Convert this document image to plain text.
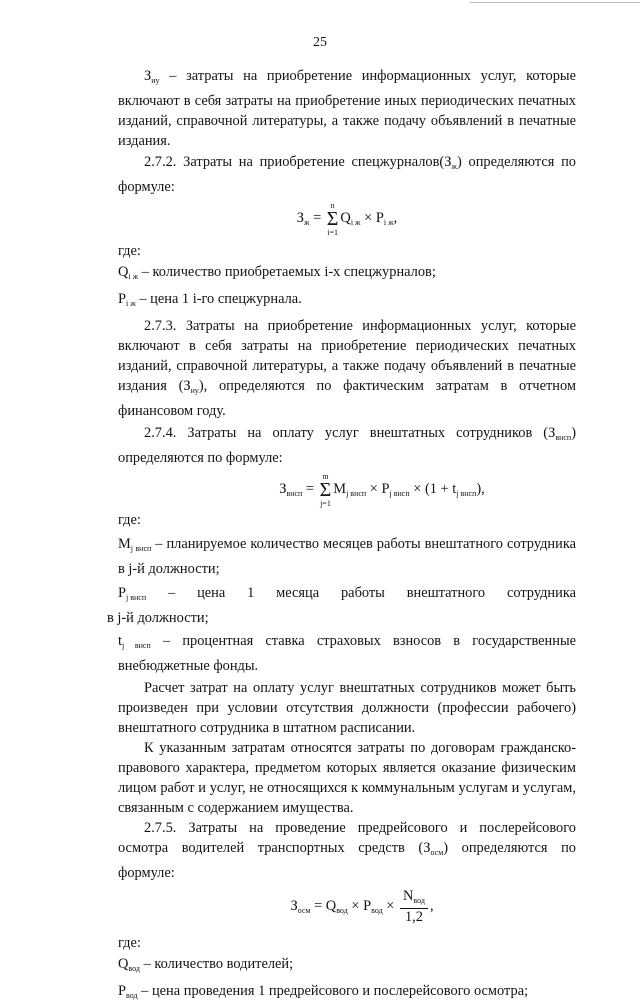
25

$З_{иу}$ – затраты на приобретение информационных услуг, которые включают в себя затраты на приобретение иных периодических печатных изданий, справочной литературы, а также подачу объявлений в печатные издания.

2.7.2. Затраты на приобретение $спецжурналов(З_ж)$ определяются по формуле:

$З_ж$ =
n
Σ
i=1
$Q_{i ж} \times P_{i ж}$,

где:

$Q_{i ж}$ – количество приобретаемых i-х спецжурналов;

$P_{i ж}$ – цена 1 i-го спецжурнала.

2.7.3. Затраты на приобретение информационных услуг, которые включают в себя затраты на приобретение периодических печатных изданий, справочной литературы, а также подачу объявлений в печатные издания $(З_{иу})$, определяются по фактическим затратам в отчетном финансовом году.

2.7.4. Затраты на оплату услуг внештатных сотрудников $(З_{внсп})$ определяются по формуле:

$З_{внсп}$ =
m
Σ
j=1
$M_{j внсп} \times P_{j внсп} \times (1 + t_{j внсп})$,

где:

$M_{j внсп}$ – планируемое количество месяцев работы внештатного сотрудника в j-й должности;

$P_{j внсп}$ – цена 1 месяца работы внештатного сотрудника

в j-й должности;

$t_{j внсп}$ – процентная ставка страховых взносов в государственные внебюджетные фонды.

Расчет затрат на оплату услуг внештатных сотрудников может быть произведен при условии отсутствия должности (профессии рабочего) внештатного сотрудника в штатном расписании.

К указанным затратам относятся затраты по договорам гражданско-правового характера, предметом которых является оказание физическим лицом работ и услуг, не относящихся к коммунальным услугам и услугам, связанным с содержанием имущества.

2.7.5. Затраты на проведение предрейсового и послерейсового осмотра водителей транспортных средств $(З_{осм})$ определяются по формуле:

$З_{осм} = Q_{вод} \times P_{вод} \times \frac{N_{вод}}{1,2}$ ,

где:

$Q_{вод}$ – количество водителей;

$P_{вод}$ – цена проведения 1 предрейсового и послерейсового осмотра;
